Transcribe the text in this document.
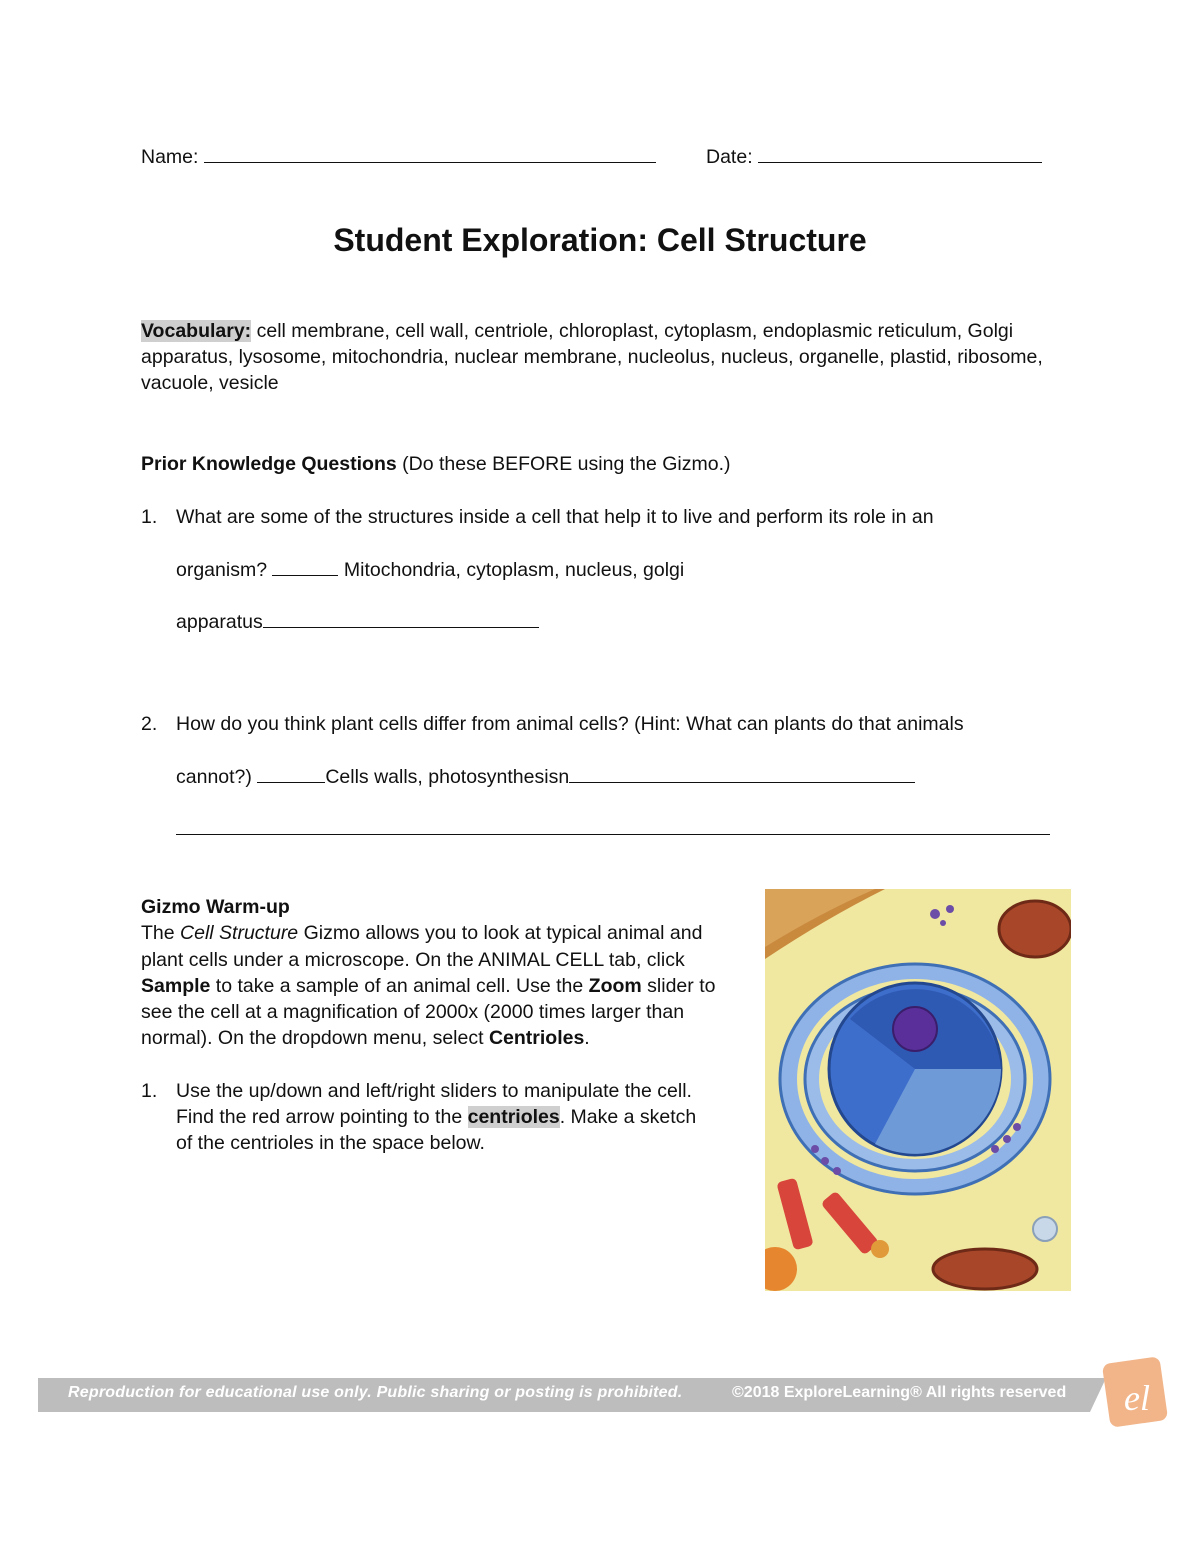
Name:	Date:
Student Exploration: Cell Structure
Vocabulary: cell membrane, cell wall, centriole, chloroplast, cytoplasm, endoplasmic reticulum, Golgi apparatus, lysosome, mitochondria, nuclear membrane, nucleolus, nucleus, organelle, plastid, ribosome, vacuole, vesicle
Prior Knowledge Questions (Do these BEFORE using the Gizmo.)
1. What are some of the structures inside a cell that help it to live and perform its role in an
organism?	Mitochondria, cytoplasm, nucleus, golgi
apparatus
2. How do you think plant cells differ from animal cells? (Hint: What can plants do that animals
cannot?)	Cells walls, photosynthesisn
Gizmo Warm-up
The Cell Structure Gizmo allows you to look at typical animal and plant cells under a microscope. On the ANIMAL CELL tab, click Sample to take a sample of an animal cell. Use the Zoom slider to see the cell at a magnification of 2000x (2000 times larger than normal). On the dropdown menu, select Centrioles.
1. Use the up/down and left/right sliders to manipulate the cell. Find the red arrow pointing to the centrioles. Make a sketch of the centrioles in the space below.
Reproduction for educational use only. Public sharing or posting is prohibited.	©2018 ExploreLearning® All rights reserved el
